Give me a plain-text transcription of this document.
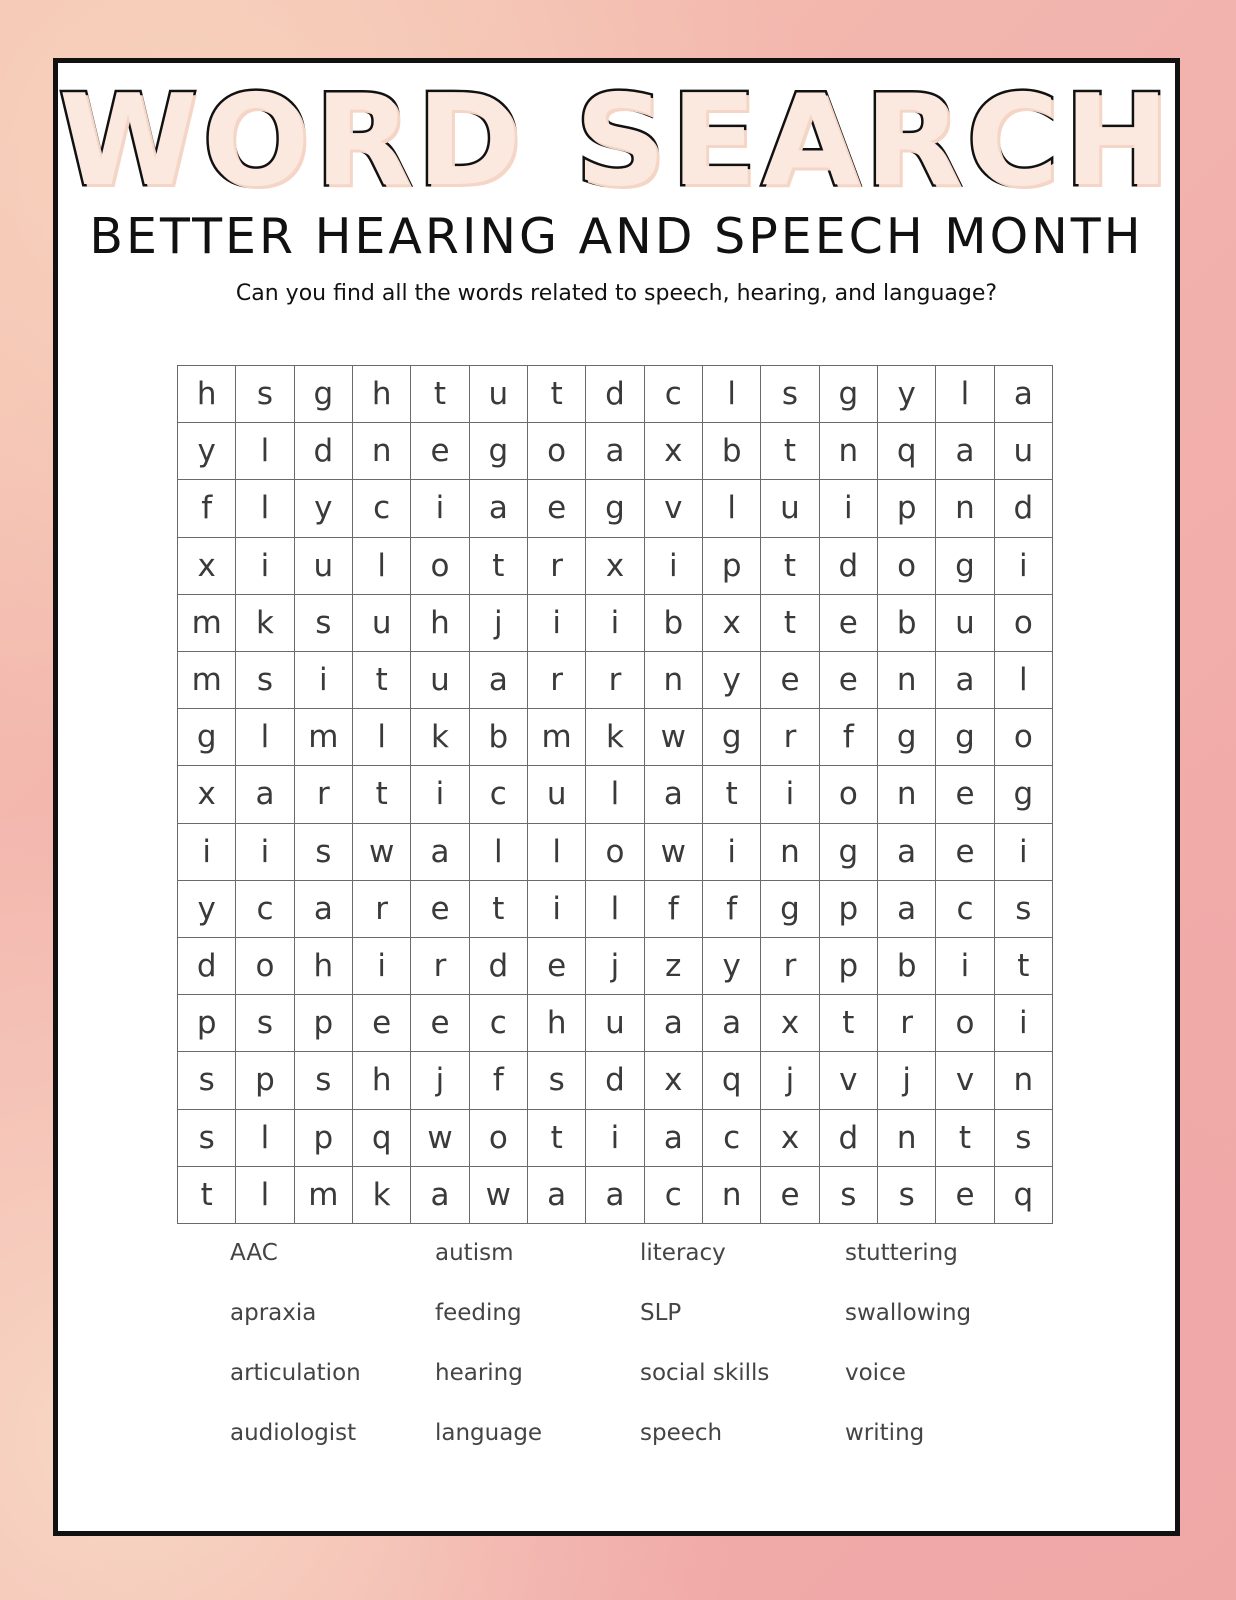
WORD SEARCH
BETTER HEARING AND SPEECH MONTH

Can you find all the words related to speech, hearing, and language?

h	s	g	h	t	u	t	d	c	l	s	g	y	l	a
y	l	d	n	e	g	o	a	x	b	t	n	q	a	u
f	l	y	c	i	a	e	g	v	l	u	i	p	n	d
x	i	u	l	o	t	r	x	i	p	t	d	o	g	i
m	k	s	u	h	j	i	i	b	x	t	e	b	u	o
m	s	i	t	u	a	r	r	n	y	e	e	n	a	l
g	l	m	l	k	b	m	k	w	g	r	f	g	g	o
x	a	r	t	i	c	u	l	a	t	i	o	n	e	g
i	i	s	w	a	l	l	o	w	i	n	g	a	e	i
y	c	a	r	e	t	i	l	f	f	g	p	a	c	s
d	o	h	i	r	d	e	j	z	y	r	p	b	i	t
p	s	p	e	e	c	h	u	a	a	x	t	r	o	i
s	p	s	h	j	f	s	d	x	q	j	v	j	v	n
s	l	p	q	w	o	t	i	a	c	x	d	n	t	s
t	l	m	k	a	w	a	a	c	n	e	s	s	e	q
AAC	autism	literacy	stuttering
apraxia	feeding	SLP	swallowing
articulation	hearing	social skills	voice
audiologist	language	speech	writing
